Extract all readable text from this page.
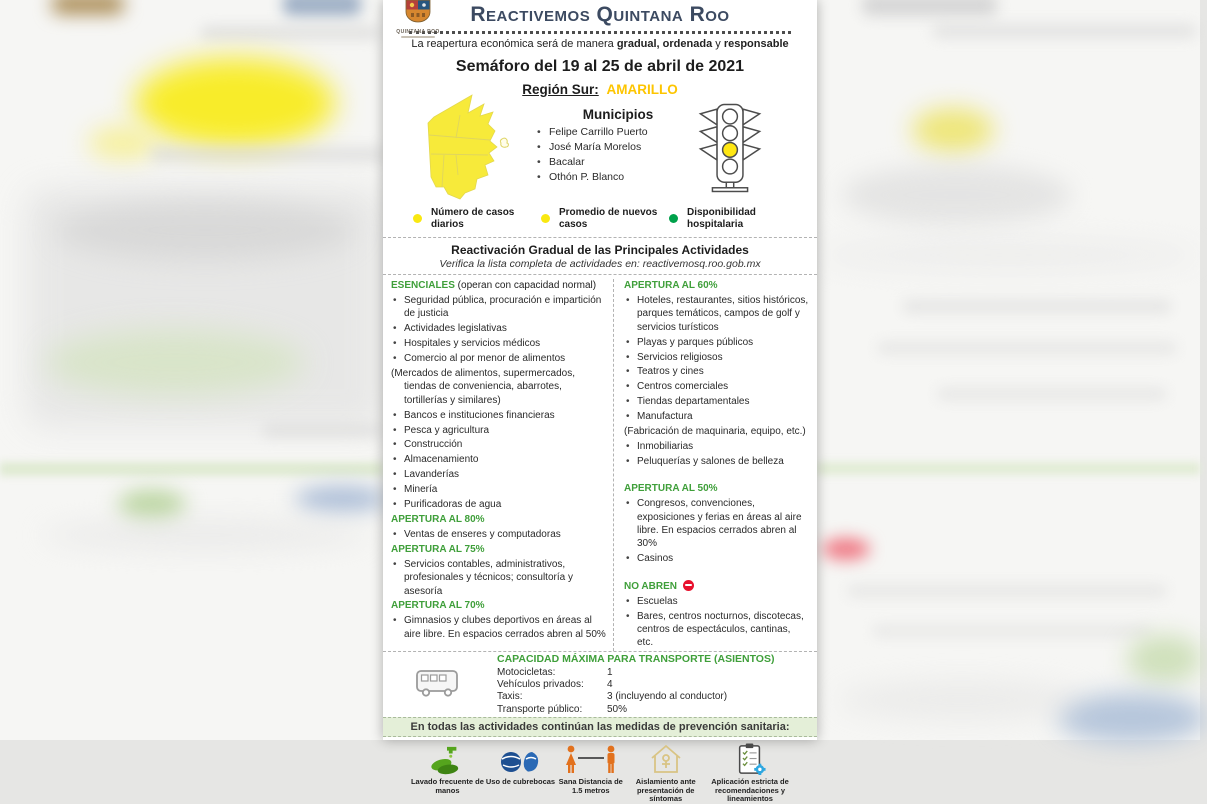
QUINTANA ROO
Reactivemos Quintana Roo
La reapertura económica será de manera gradual, ordenada y responsable
Semáforo del 19 al 25 de abril de 2021
Región Sur: AMARILLO
Municipios
• Felipe Carrillo Puerto
• José María Morelos
• Bacalar
• Othón P. Blanco
Número de casos diarios
Promedio de nuevos casos
Disponibilidad hospitalaria
Reactivación Gradual de las Principales Actividades
Verifica la lista completa de actividades en: reactivemosq.roo.gob.mx
ESENCIALES (operan con capacidad normal)
• Seguridad pública, procuración e impartición de justicia
• Actividades legislativas
• Hospitales y servicios médicos
• Comercio al por menor de alimentos
(Mercados de alimentos, supermercados, tiendas de conveniencia, abarrotes, tortillerías y similares)
• Bancos e instituciones financieras
• Pesca y agricultura
• Construcción
• Almacenamiento
• Lavanderías
• Minería
• Purificadoras de agua
APERTURA AL 80%
• Ventas de enseres y computadoras
APERTURA AL 75%
• Servicios contables, administrativos, profesionales y técnicos; consultoría y asesoría
APERTURA AL 70%
• Gimnasios y clubes deportivos en áreas al aire libre. En espacios cerrados abren al 50%
APERTURA AL 60%
• Hoteles, restaurantes, sitios históricos, parques temáticos, campos de golf y servicios turísticos
• Playas y parques públicos
• Servicios religiosos
• Teatros y cines
• Centros comerciales
• Tiendas departamentales
• Manufactura
(Fabricación de maquinaria, equipo, etc.)
• Inmobiliarias
• Peluquerías y salones de belleza
APERTURA AL 50%
• Congresos, convenciones, exposiciones y ferias en áreas al aire libre. En espacios cerrados abren al 30%
• Casinos
NO ABREN
• Escuelas
• Bares, centros nocturnos, discotecas, centros de espectáculos, cantinas, etc.
CAPACIDAD MÁXIMA PARA TRANSPORTE (ASIENTOS)
Motocicletas:	1
Vehículos privados:	4
Taxis:	3 (incluyendo al conductor)
Transporte público:	50%
En todas las actividades continúan las medidas de prevención sanitaria:
Lavado frecuente de manos
Uso de cubrebocas Sana Distancia de 1.5 metros
Aislamiento ante presentación de síntomas
Aplicación estricta de recomendaciones y lineamientos
